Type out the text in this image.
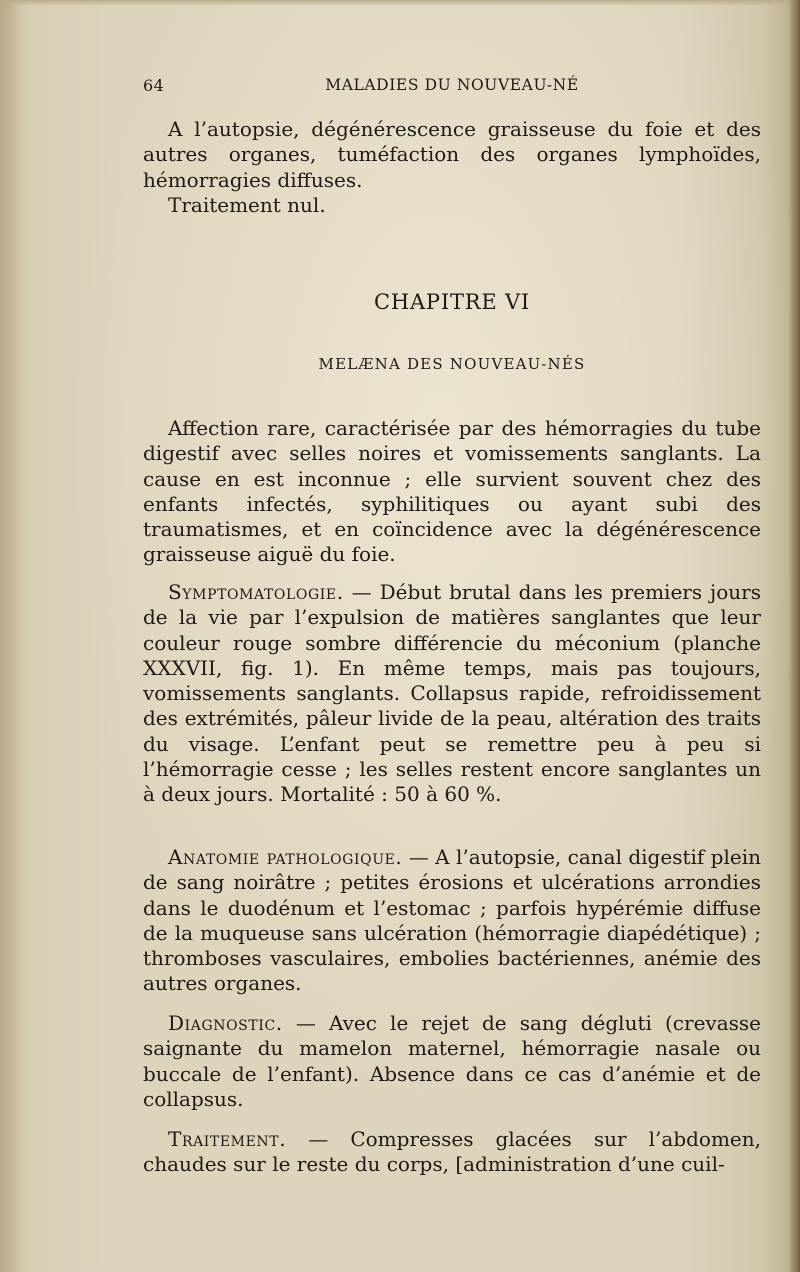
64	MALADIES DU NOUVEAU-NÉ

A l’autopsie, dégénérescence graisseuse du foie et des autres organes, tuméfaction des organes lymphoïdes, hémorragies diffuses.

Traitement nul.

CHAPITRE VI
MELÆNA DES NOUVEAU-NÉS

Affection rare, caractérisée par des hémorragies du tube digestif avec selles noires et vomissements sanglants. La cause en est inconnue ; elle survient souvent chez des enfants infectés, syphilitiques ou ayant subi des traumatismes, et en coïncidence avec la dégénérescence graisseuse aiguë du foie.

Symptomatologie. — Début brutal dans les premiers jours de la vie par l’expulsion de matières sanglantes que leur couleur rouge sombre différencie du méconium (planche XXXVII, fig. 1). En même temps, mais pas toujours, vomissements sanglants. Collapsus rapide, refroidissement des extrémités, pâleur livide de la peau, altération des traits du visage. L’enfant peut se remettre peu à peu si l’hémorragie cesse ; les selles restent encore sanglantes un à deux jours. Mortalité : 50 à 60 %.

Anatomie pathologique. — A l’autopsie, canal digestif plein de sang noirâtre ; petites érosions et ulcérations arrondies dans le duodénum et l’estomac ; parfois hypérémie diffuse de la muqueuse sans ulcération (hémorragie diapédétique) ; thromboses vasculaires, embolies bactériennes, anémie des autres organes.

Diagnostic. — Avec le rejet de sang dégluti (crevasse saignante du mamelon maternel, hémorragie nasale ou buccale de l’enfant). Absence dans ce cas d’anémie et de collapsus.

Traitement. — Compresses glacées sur l’abdomen, chaudes sur le reste du corps, [administration d’une cuil-
